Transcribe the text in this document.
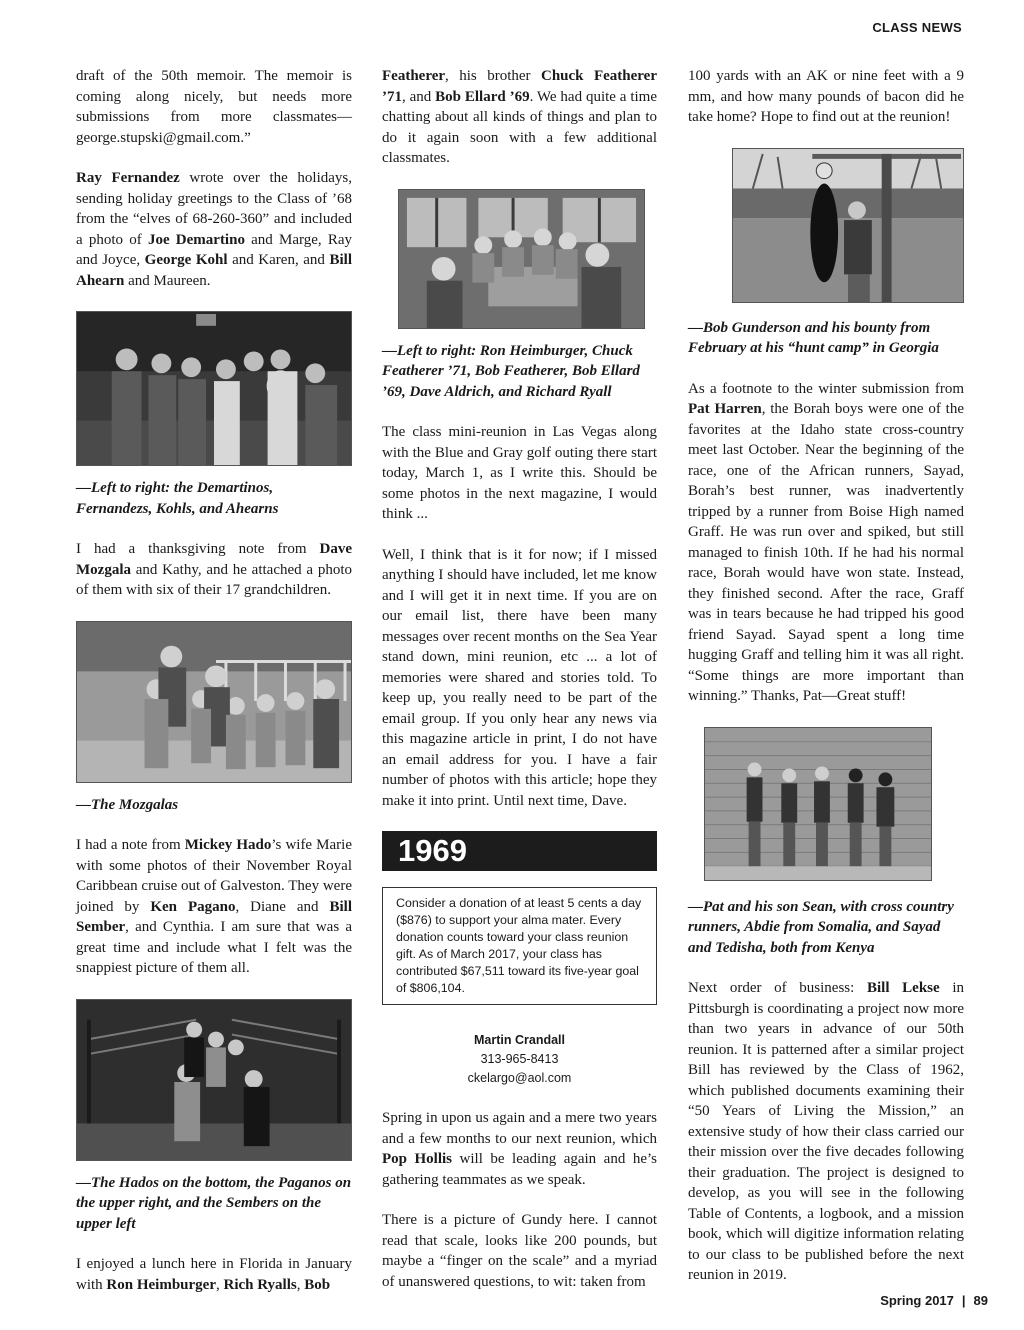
CLASS NEWS

draft of the 50th memoir. The memoir is coming along nicely, but needs more submissions from more classmates—george.stupski@gmail.com.”

Ray Fernandez wrote over the holidays, sending holiday greetings to the Class of ’68 from the “elves of 68-260-360” and included a photo of Joe Demartino and Marge, Ray and Joyce, George Kohl and Karen, and Bill Ahearn and Maureen.

—Left to right: the Demartinos, Fernandezs, Kohls, and Ahearns

I had a thanksgiving note from Dave Mozgala and Kathy, and he attached a photo of them with six of their 17 grandchildren.

—The Mozgalas

I had a note from Mickey Hado’s wife Marie with some photos of their November Royal Caribbean cruise out of Galveston. They were joined by Ken Pagano, Diane and Bill Sember, and Cynthia. I am sure that was a great time and include what I felt was the snappiest picture of them all.

—The Hados on the bottom, the Paganos on the upper right, and the Sembers on the upper left

I enjoyed a lunch here in Florida in January with Ron Heimburger, Rich Ryalls, Bob

Featherer, his brother Chuck Featherer ’71, and Bob Ellard ’69. We had quite a time chatting about all kinds of things and plan to do it again soon with a few additional classmates.

—Left to right: Ron Heimburger, Chuck Featherer ’71, Bob Featherer, Bob Ellard ’69, Dave Aldrich, and Richard Ryall

The class mini-reunion in Las Vegas along with the Blue and Gray golf outing there start today, March 1, as I write this. Should be some photos in the next magazine, I would think ...

Well, I think that is it for now; if I missed anything I should have included, let me know and I will get it in next time. If you are on our email list, there have been many messages over recent months on the Sea Year stand down, mini reunion, etc ... a lot of memories were shared and stories told. To keep up, you really need to be part of the email group. If you only hear any news via this magazine article in print, I do not have an email address for you. I have a fair number of photos with this article; hope they make it into print. Until next time, Dave.

1969
Consider a donation of at least 5 cents a day ($876) to support your alma mater. Every donation counts toward your class reunion gift. As of March 2017, your class has contributed $67,511 toward its five-year goal of $806,104.
Martin Crandall
313-965-8413
ckelargo@aol.com

Spring in upon us again and a mere two years and a few months to our next reunion, which Pop Hollis will be leading again and he’s gathering teammates as we speak.

There is a picture of Gundy here. I cannot read that scale, looks like 200 pounds, but maybe a “finger on the scale” and a myriad of unanswered questions, to wit: taken from

100 yards with an AK or nine feet with a 9 mm, and how many pounds of bacon did he take home? Hope to find out at the reunion!

—Bob Gunderson and his bounty from February at his “hunt camp” in Georgia

As a footnote to the winter submission from Pat Harren, the Borah boys were one of the favorites at the Idaho state cross-country meet last October. Near the beginning of the race, one of the African runners, Sayad, Borah’s best runner, was inadvertently tripped by a runner from Boise High named Graff. He was run over and spiked, but still managed to finish 10th. If he had his normal race, Borah would have won state. Instead, they finished second. After the race, Graff was in tears because he had tripped his good friend Sayad. Sayad spent a long time hugging Graff and telling him it was all right. “Some things are more important than winning.” Thanks, Pat—Great stuff!

—Pat and his son Sean, with cross country runners, Abdie from Somalia, and Sayad and Tedisha, both from Kenya

Next order of business: Bill Lekse in Pittsburgh is coordinating a project now more than two years in advance of our 50th reunion. It is patterned after a similar project Bill has reviewed by the Class of 1962, which published documents examining their “50 Years of Living the Mission,” an extensive study of how their class carried our their mission over the five decades following their graduation. The project is designed to develop, as you will see in the following Table of Contents, a logbook, and a mission book, which will digitize information relating to our class to be published before the next reunion in 2019.

Spring 2017 | 89
